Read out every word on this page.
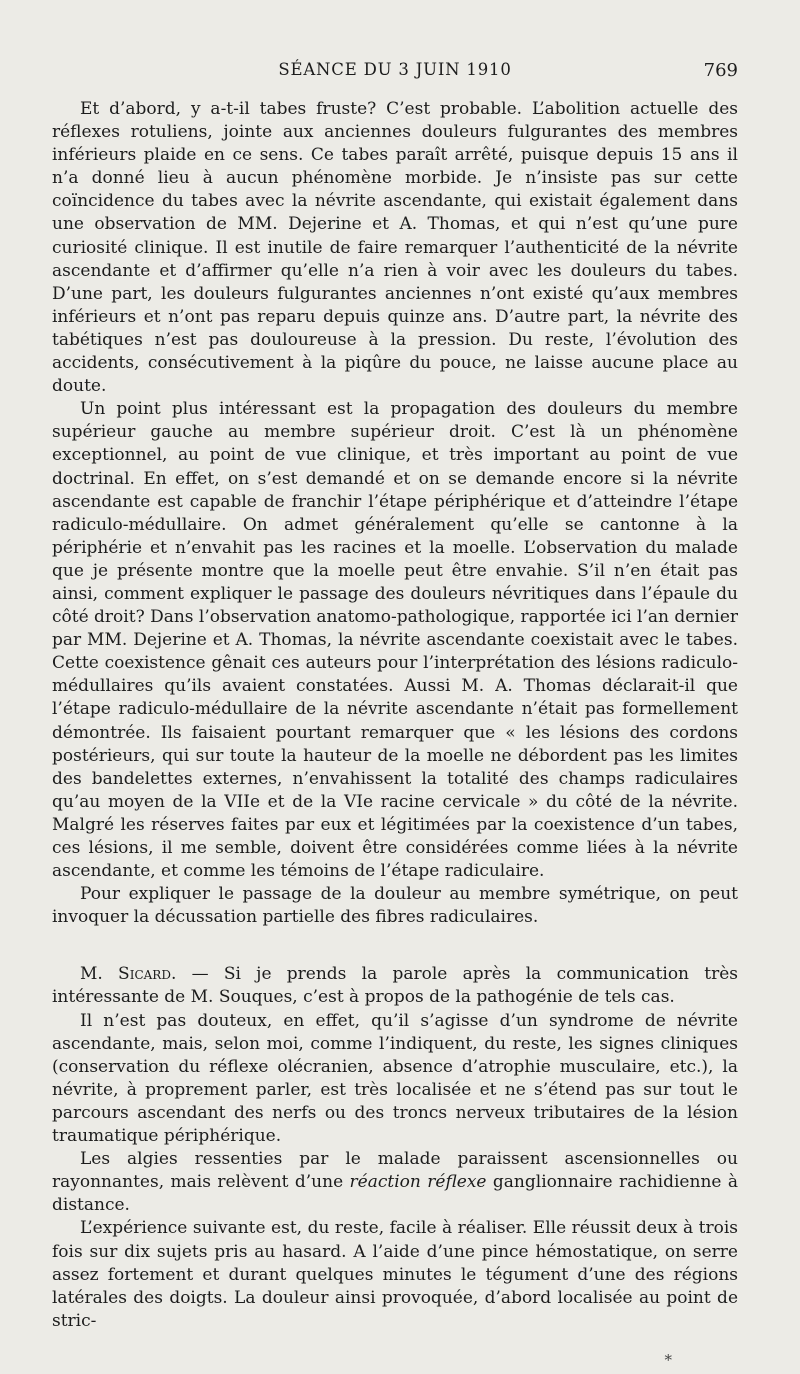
SÉANCE DU 3 JUIN 1910	769

Et d’abord, y a-t-il tabes fruste? C’est probable. L’abolition actuelle des réflexes rotuliens, jointe aux anciennes douleurs fulgurantes des membres inférieurs plaide en ce sens. Ce tabes paraît arrêté, puisque depuis 15 ans il n’a donné lieu à aucun phénomène morbide. Je n’insiste pas sur cette coïncidence du tabes avec la névrite ascendante, qui existait également dans une observation de MM. Dejerine et A. Thomas, et qui n’est qu’une pure curiosité clinique. Il est inutile de faire remarquer l’authenticité de la névrite ascendante et d’affirmer qu’elle n’a rien à voir avec les douleurs du tabes. D’une part, les douleurs fulgurantes anciennes n’ont existé qu’aux membres inférieurs et n’ont pas reparu depuis quinze ans. D’autre part, la névrite des tabétiques n’est pas douloureuse à la pression. Du reste, l’évolution des accidents, consécutivement à la piqûre du pouce, ne laisse aucune place au doute.

Un point plus intéressant est la propagation des douleurs du membre supérieur gauche au membre supérieur droit. C’est là un phénomène exceptionnel, au point de vue clinique, et très important au point de vue doctrinal. En effet, on s’est demandé et on se demande encore si la névrite ascendante est capable de franchir l’étape périphérique et d’atteindre l’étape radiculo-médullaire. On admet généralement qu’elle se cantonne à la périphérie et n’envahit pas les racines et la moelle. L’observation du malade que je présente montre que la moelle peut être envahie. S’il n’en était pas ainsi, comment expliquer le passage des douleurs névritiques dans l’épaule du côté droit? Dans l’observation anatomo-pathologique, rapportée ici l’an dernier par MM. Dejerine et A. Thomas, la névrite ascendante coexistait avec le tabes. Cette coexistence gênait ces auteurs pour l’interprétation des lésions radiculo-médullaires qu’ils avaient constatées. Aussi M. A. Thomas déclarait-il que l’étape radiculo-médullaire de la névrite ascendante n’était pas formellement démontrée. Ils faisaient pourtant remarquer que « les lésions des cordons postérieurs, qui sur toute la hauteur de la moelle ne débordent pas les limites des bandelettes externes, n’envahissent la totalité des champs radiculaires qu’au moyen de la VIIe et de la VIe racine cervicale » du côté de la névrite. Malgré les réserves faites par eux et légitimées par la coexistence d’un tabes, ces lésions, il me semble, doivent être considérées comme liées à la névrite ascendante, et comme les témoins de l’étape radiculaire.

Pour expliquer le passage de la douleur au membre symétrique, on peut invoquer la décussation partielle des fibres radiculaires.

M. Sicard. — Si je prends la parole après la communication très intéressante de M. Souques, c’est à propos de la pathogénie de tels cas.

Il n’est pas douteux, en effet, qu’il s’agisse d’un syndrome de névrite ascendante, mais, selon moi, comme l’indiquent, du reste, les signes cliniques (conservation du réflexe olécranien, absence d’atrophie musculaire, etc.), la névrite, à proprement parler, est très localisée et ne s’étend pas sur tout le parcours ascendant des nerfs ou des troncs nerveux tributaires de la lésion traumatique périphérique.

Les algies ressenties par le malade paraissent ascensionnelles ou rayonnantes, mais relèvent d’une réaction réflexe ganglionnaire rachidienne à distance.

L’expérience suivante est, du reste, facile à réaliser. Elle réussit deux à trois fois sur dix sujets pris au hasard. A l’aide d’une pince hémostatique, on serre assez fortement et durant quelques minutes le tégument d’une des régions latérales des doigts. La douleur ainsi provoquée, d’abord localisée au point de stric-

*
